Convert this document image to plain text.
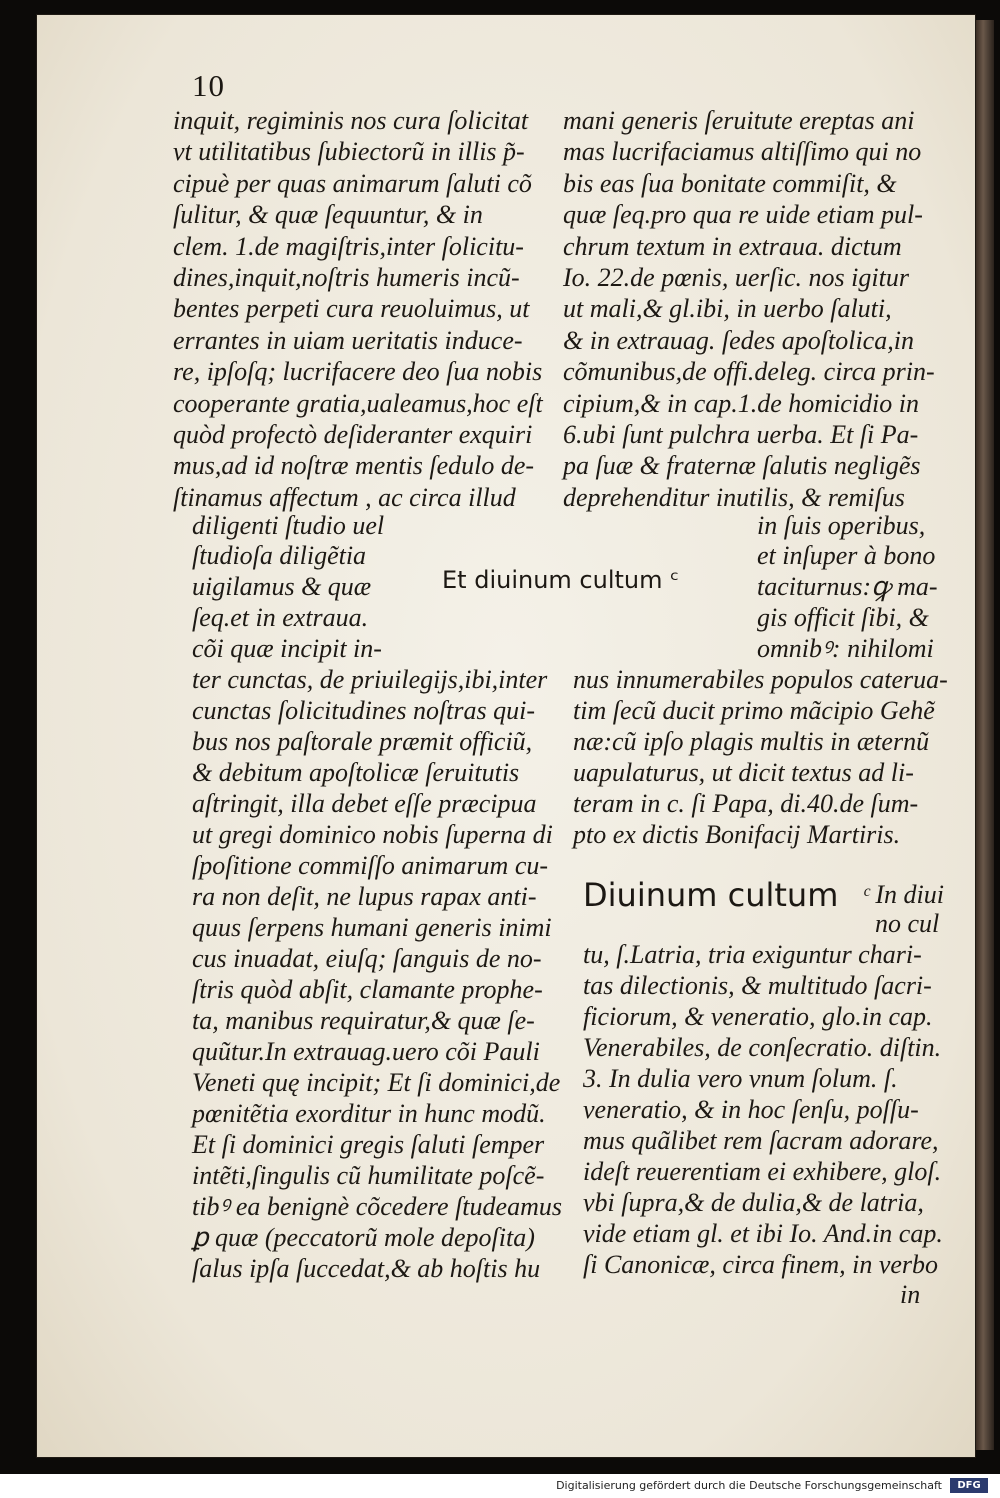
10
inquit, regiminis nos cura ſolicitat
vt utilitatibus ſubiectorũ in illis p̃-
cipuè per quas animarum ſaluti cõ
ſulitur, & quæ ſequuntur, & in
clem. 1.de magiſtris,inter ſolicitu-
dines,inquit,noſtris humeris incũ-
bentes perpeti cura reuoluimus, ut
errantes in uiam ueritatis induce-
re, ipſoſq; lucrifacere deo ſua nobis
cooperante gratia,ualeamus,hoc eſt
quòd profectò deſideranter exquiri
mus,ad id noſtræ mentis ſedulo de-
ſtinamus affectum , ac circa illud
diligenti ſtudio uel
ſtudioſa diligẽtia
uigilamus & quæ
ſeq.et in extraua.
cõi quæ incipit in-
ter cunctas, de priuilegijs,ibi,inter
cunctas ſolicitudines noſtras qui-
bus nos paſtorale præmit officiũ,
& debitum apoſtolicæ ſeruitutis
aſtringit, illa debet eſſe præcipua
ut gregi dominico nobis ſuperna di
ſpoſitione commiſſo animarum cu-
ra non deſit, ne lupus rapax anti-
quus ſerpens humani generis inimi
cus inuadat, eiuſq; ſanguis de no-
ſtris quòd abſit, clamante prophe-
ta, manibus requiratur,& quæ ſe-
quũtur.In extrauag.uero cõi Pauli
Veneti quę incipit; Et ſi dominici,de
pœnitẽtia exorditur in hunc modũ.
Et ſi dominici gregis ſaluti ſemper
intẽti,ſingulis cũ humilitate poſcẽ-
tibꝰ ea benignè cõcedere ſtudeamus
ꝑ quæ (peccatorũ mole depoſita)
ſalus ipſa ſuccedat,& ab hoſtis hu
mani generis ſeruitute ereptas ani
mas lucrifaciamus altiſſimo qui no
bis eas ſua bonitate commiſit, &
quæ ſeq.pro qua re uide etiam pul-
chrum textum in extraua. dictum
Io. 22.de pœnis, uerſic. nos igitur
ut mali,& gl.ibi, in uerbo ſaluti,
& in extrauag. ſedes apoſtolica,in
cõmunibus,de offi.deleg. circa prin-
cipium,& in cap.1.de homicidio in
6.ubi ſunt pulchra uerba. Et ſi Pa-
pa ſuæ & fraternæ ſalutis negligẽs
deprehenditur inutilis, & remiſus
in ſuis operibus,
et inſuper à bono
taciturnus:ꝙ ma-
gis officit ſibi, &
omnibꝰ: nihilomi
nus innumerabiles populos caterua-
tim ſecũ ducit primo mãcipio Gehẽ
næ:cũ ipſo plagis multis in æternũ
uapulaturus, ut dicit textus ad li-
teram in c. ſi Papa, di.40.de ſum-
pto ex dictis Bonifacij Martiris.
ᶜ In diui
no cul
tu, ſ.Latria, tria exiguntur chari-
tas dilectionis, & multitudo ſacri-
ficiorum, & veneratio, glo.in cap.
Venerabiles, de conſecratio. diſtin.
3. In dulia vero vnum ſolum. ſ.
veneratio, & in hoc ſenſu, poſſu-
mus quãlibet rem ſacram adorare,
ideſt reuerentiam ei exhibere, gloſ.
vbi ſupra,& de dulia,& de latria,
vide etiam gl. et ibi Io. And.in cap.
ſi Canonicæ, circa finem, in verbo
in
Et diuinum cultum ᶜ
Diuinum cultum
Digitalisierung gefördert durch die Deutsche Forschungsgemeinschaft	DFG
